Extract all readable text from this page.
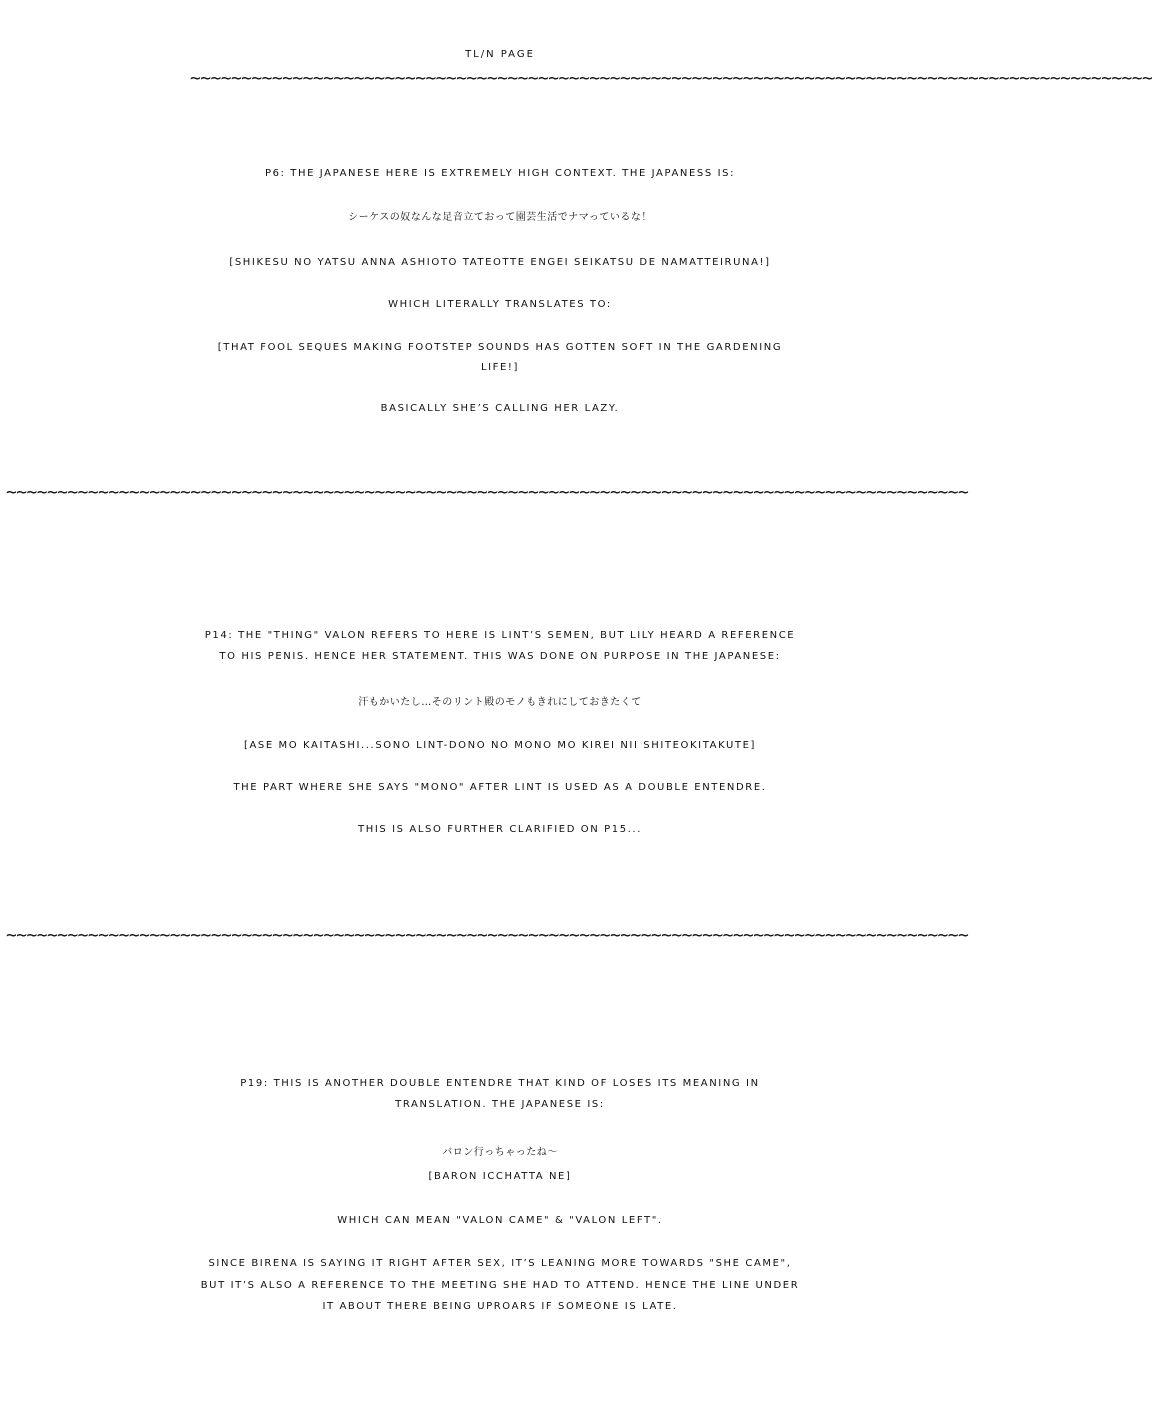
TL/N PAGE
~~~~~~~~~~~~~~~~~~~~~~~~~~~~~~~~~~~~~~~~~~~~~~~~~~~~~~~~~~~~~~~~~~~~~~~~~~~~~~~~~~~~~~~~~~~~~~
P6: THE JAPANESE HERE IS EXTREMELY HIGH CONTEXT. THE JAPANESS IS:
シーケスの奴なんな足音立ておって園芸生活でナマっているな！
[SHIKESU NO YATSU ANNA ASHIOTO TATEOTTE ENGEI SEIKATSU DE NAMATTEIRUNA!]
WHICH LITERALLY TRANSLATES TO:
[THAT FOOL SEQUES MAKING FOOTSTEP SOUNDS HAS GOTTEN SOFT IN THE GARDENING
LIFE!]
BASICALLY SHE’S CALLING HER LAZY.
~~~~~~~~~~~~~~~~~~~~~~~~~~~~~~~~~~~~~~~~~~~~~~~~~~~~~~~~~~~~~~~~~~~~~~~~~~~~~~~~~~~~~~~~~~~~~~
P14: THE "THING" VALON REFERS TO HERE IS LINT’S SEMEN, BUT LILY HEARD A REFERENCE
TO HIS PENIS. HENCE HER STATEMENT. THIS WAS DONE ON PURPOSE IN THE JAPANESE:
汗もかいたし…そのリント殿のモノもきれにしておきたくて
[ASE MO KAITASHI...SONO LINT-DONO NO MONO MO KIREI NII SHITEOKITAKUTE]
THE PART WHERE SHE SAYS "MONO" AFTER LINT IS USED AS A DOUBLE ENTENDRE.
THIS IS ALSO FURTHER CLARIFIED ON P15...
~~~~~~~~~~~~~~~~~~~~~~~~~~~~~~~~~~~~~~~~~~~~~~~~~~~~~~~~~~~~~~~~~~~~~~~~~~~~~~~~~~~~~~~~~~~~~~
P19: THIS IS ANOTHER DOUBLE ENTENDRE THAT KIND OF LOSES ITS MEANING IN
TRANSLATION. THE JAPANESE IS:
バロン行っちゃったね〜
[BARON ICCHATTA NE]
WHICH CAN MEAN "VALON CAME" & "VALON LEFT".
SINCE BIRENA IS SAYING IT RIGHT AFTER SEX, IT’S LEANING MORE TOWARDS "SHE CAME",
BUT IT’S ALSO A REFERENCE TO THE MEETING SHE HAD TO ATTEND. HENCE THE LINE UNDER
IT ABOUT THERE BEING UPROARS IF SOMEONE IS LATE.
